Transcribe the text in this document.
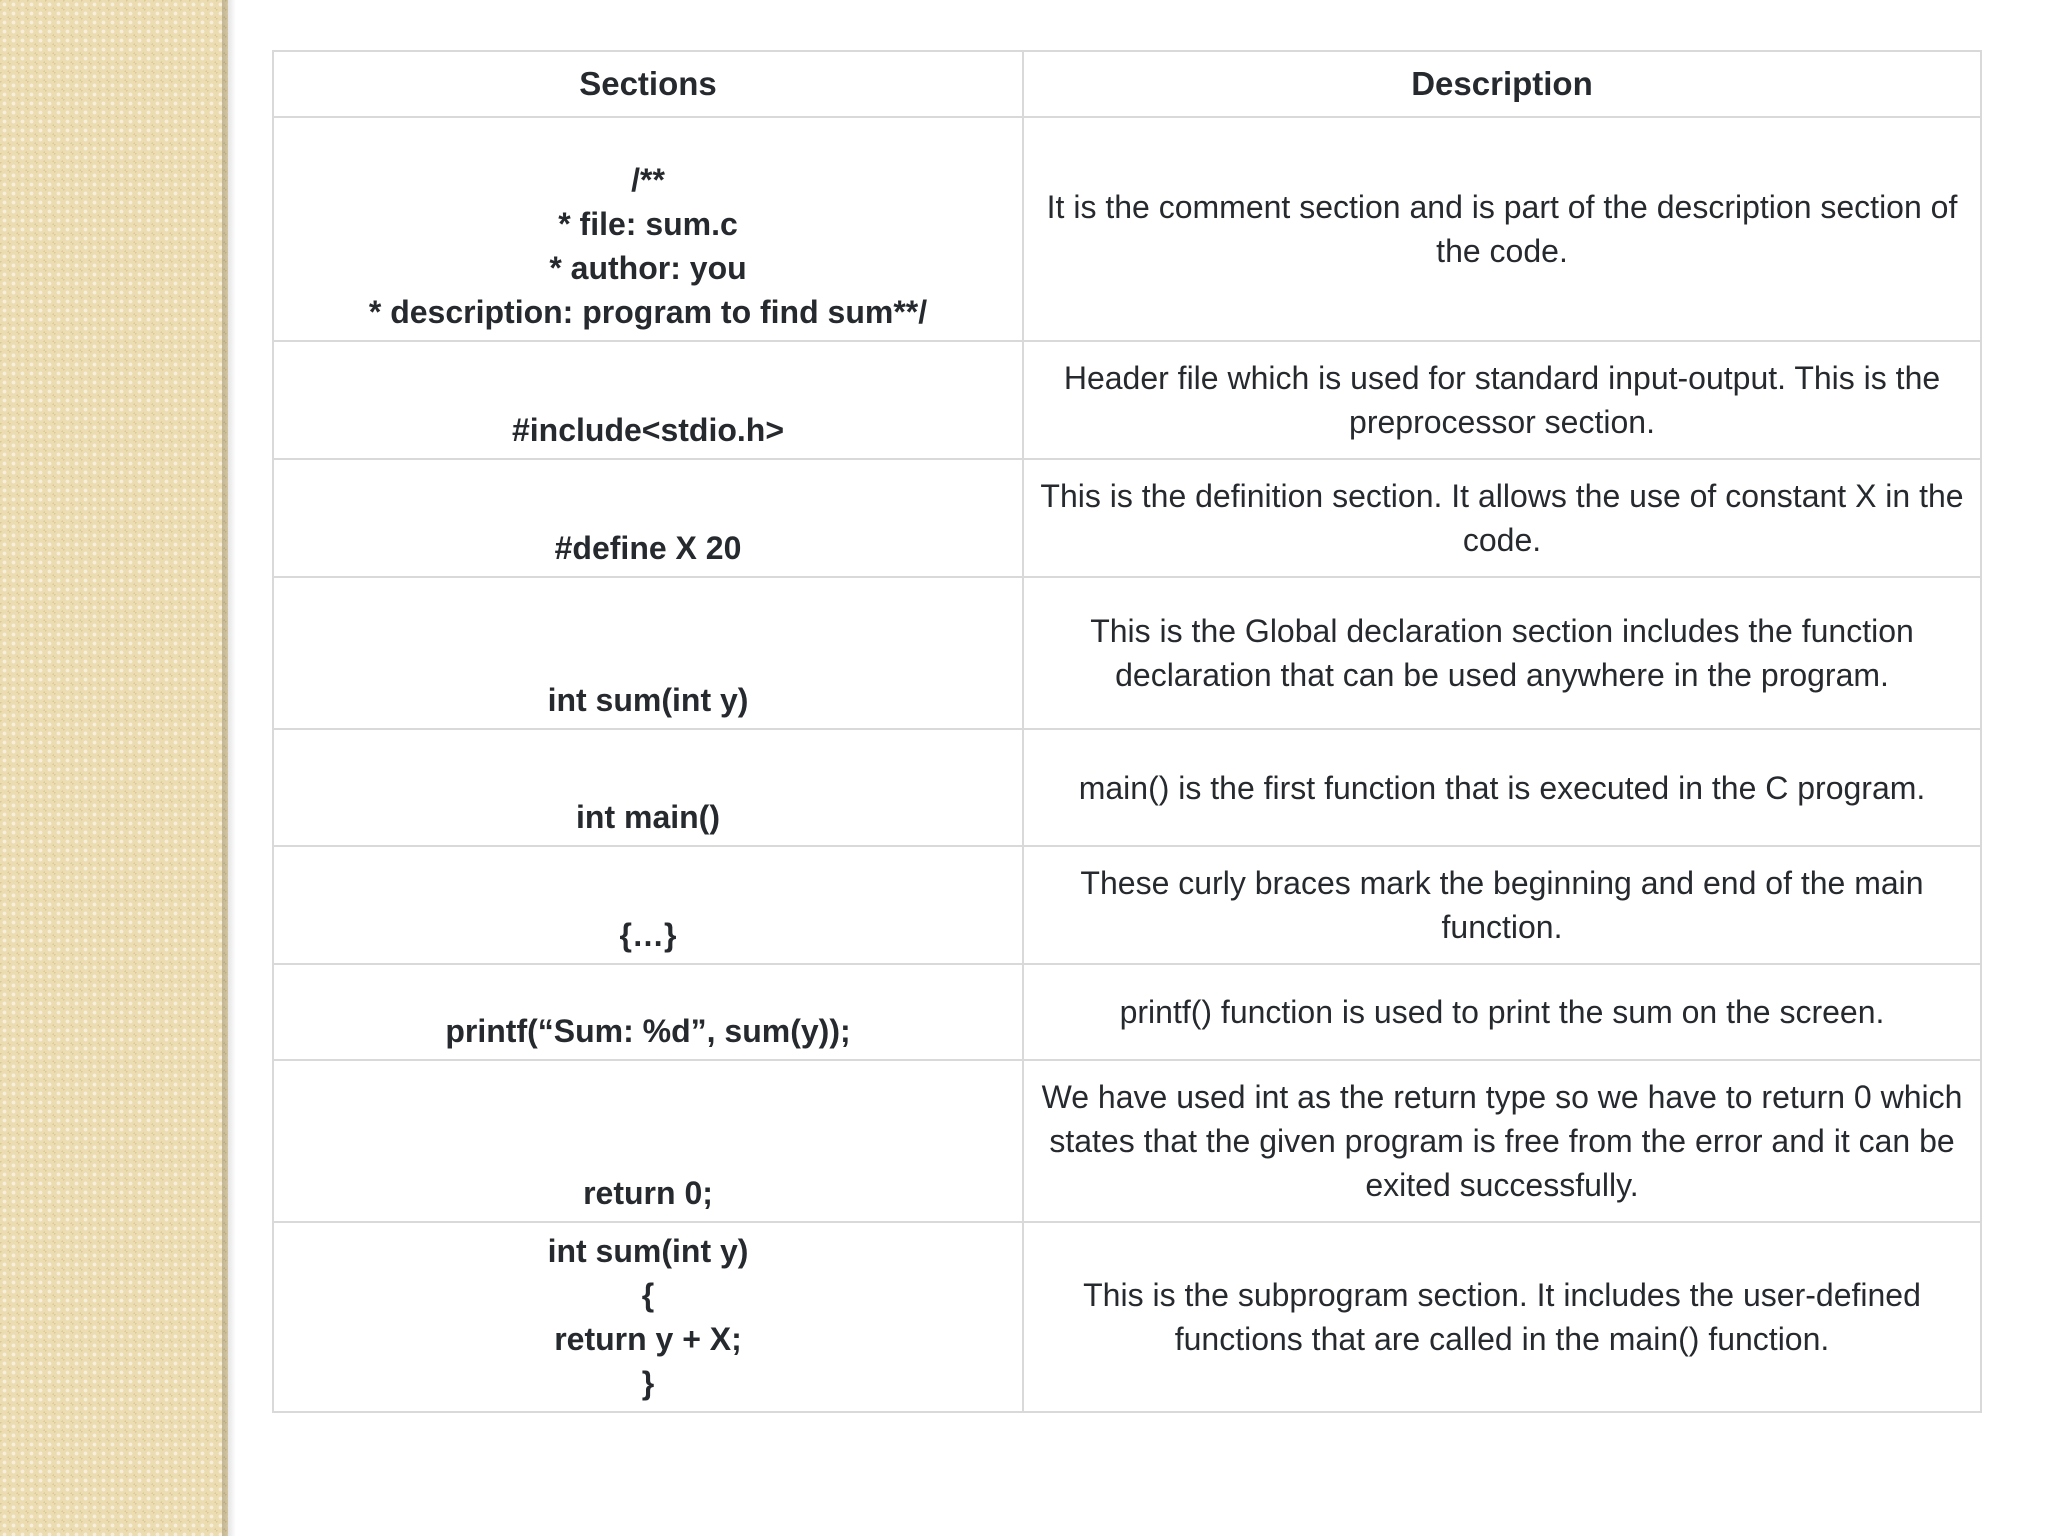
Sections	Description
/**
* file: sum.c
* author: you
* description: program to find sum**/	It is the comment section and is part of the description section of the code.
#include<stdio.h>	Header file which is used for standard input-output. This is the preprocessor section.
#define X 20	This is the definition section. It allows the use of constant X in the code.
int sum(int y)	This is the Global declaration section includes the function declaration that can be used anywhere in the program.
int main()	main() is the first function that is executed in the C program.
{…}	These curly braces mark the beginning and end of the main function.
printf(“Sum: %d”, sum(y));	printf() function is used to print the sum on the screen.
return 0;	We have used int as the return type so we have to return 0 which states that the given program is free from the error and it can be exited successfully.
int sum(int y)
{
return y + X;
}	This is the subprogram section. It includes the user-defined functions that are called in the main() function.
